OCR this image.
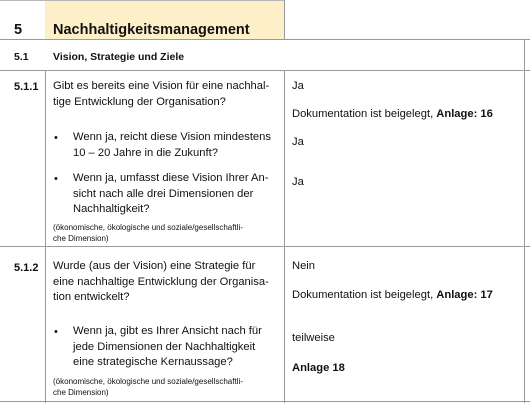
5 Nachhaltigkeitsmanagement
5.1 Vision, Strategie und Ziele
5.1.1 Gibt es bereits eine Vision für eine nachhal-
tige Entwicklung der Organisation?
• Wenn ja, reicht diese Vision mindestens
10 – 20 Jahre in die Zukunft?
• Wenn ja, umfasst diese Vision Ihrer An-
sicht nach alle drei Dimensionen der
Nachhaltigkeit?
(ökonomische, ökologische und soziale/gesellschaftli-
che Dimension)
Ja
Dokumentation ist beigelegt, Anlage: 16
Ja
Ja
5.1.2 Wurde (aus der Vision) eine Strategie für
eine nachhaltige Entwicklung der Organisa-
tion entwickelt?
• Wenn ja, gibt es Ihrer Ansicht nach für
jede Dimensionen der Nachhaltigkeit
eine strategische Kernaussage?
(ökonomische, ökologische und soziale/gesellschaftli-
che Dimension)
Nein
Dokumentation ist beigelegt, Anlage: 17
teilweise
Anlage 18
